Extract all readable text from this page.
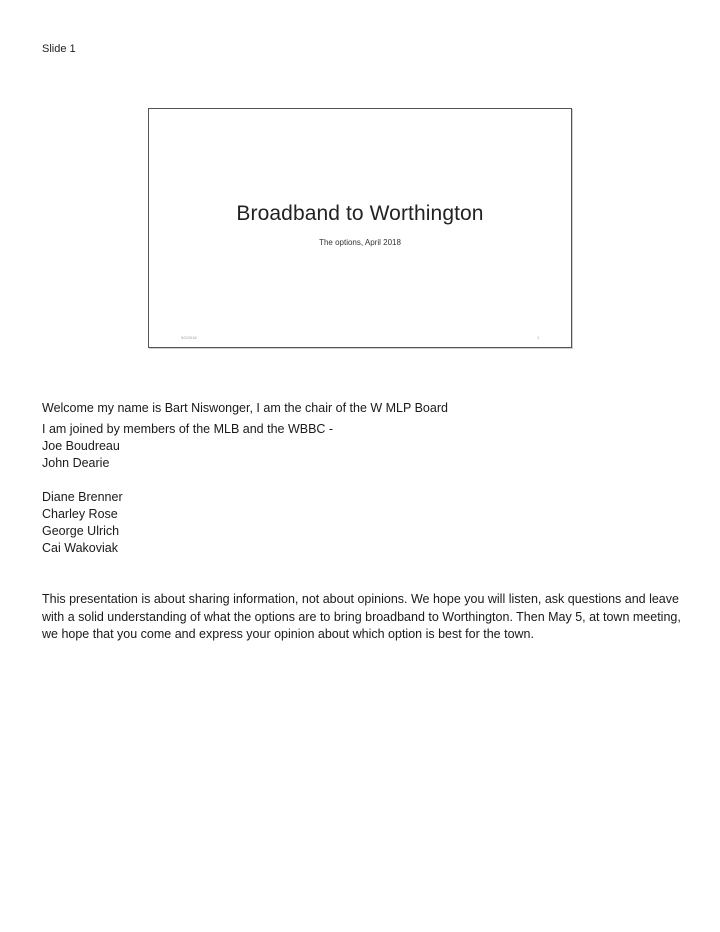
Slide 1
Broadband to Worthington
The options, April 2018
5/2/2018	1

Welcome my name is Bart Niswonger, I am the chair of the W MLP Board

I am joined by members of the MLB and the WBBC -

Joe Boudreau

John Dearie

Diane Brenner

Charley Rose

George Ulrich

Cai Wakoviak

This presentation is about sharing information, not about opinions. We hope you will listen, ask questions and leave with a solid understanding of what the options are to bring broadband to Worthington. Then May 5, at town meeting, we hope that you come and express your opinion about which option is best for the town.
